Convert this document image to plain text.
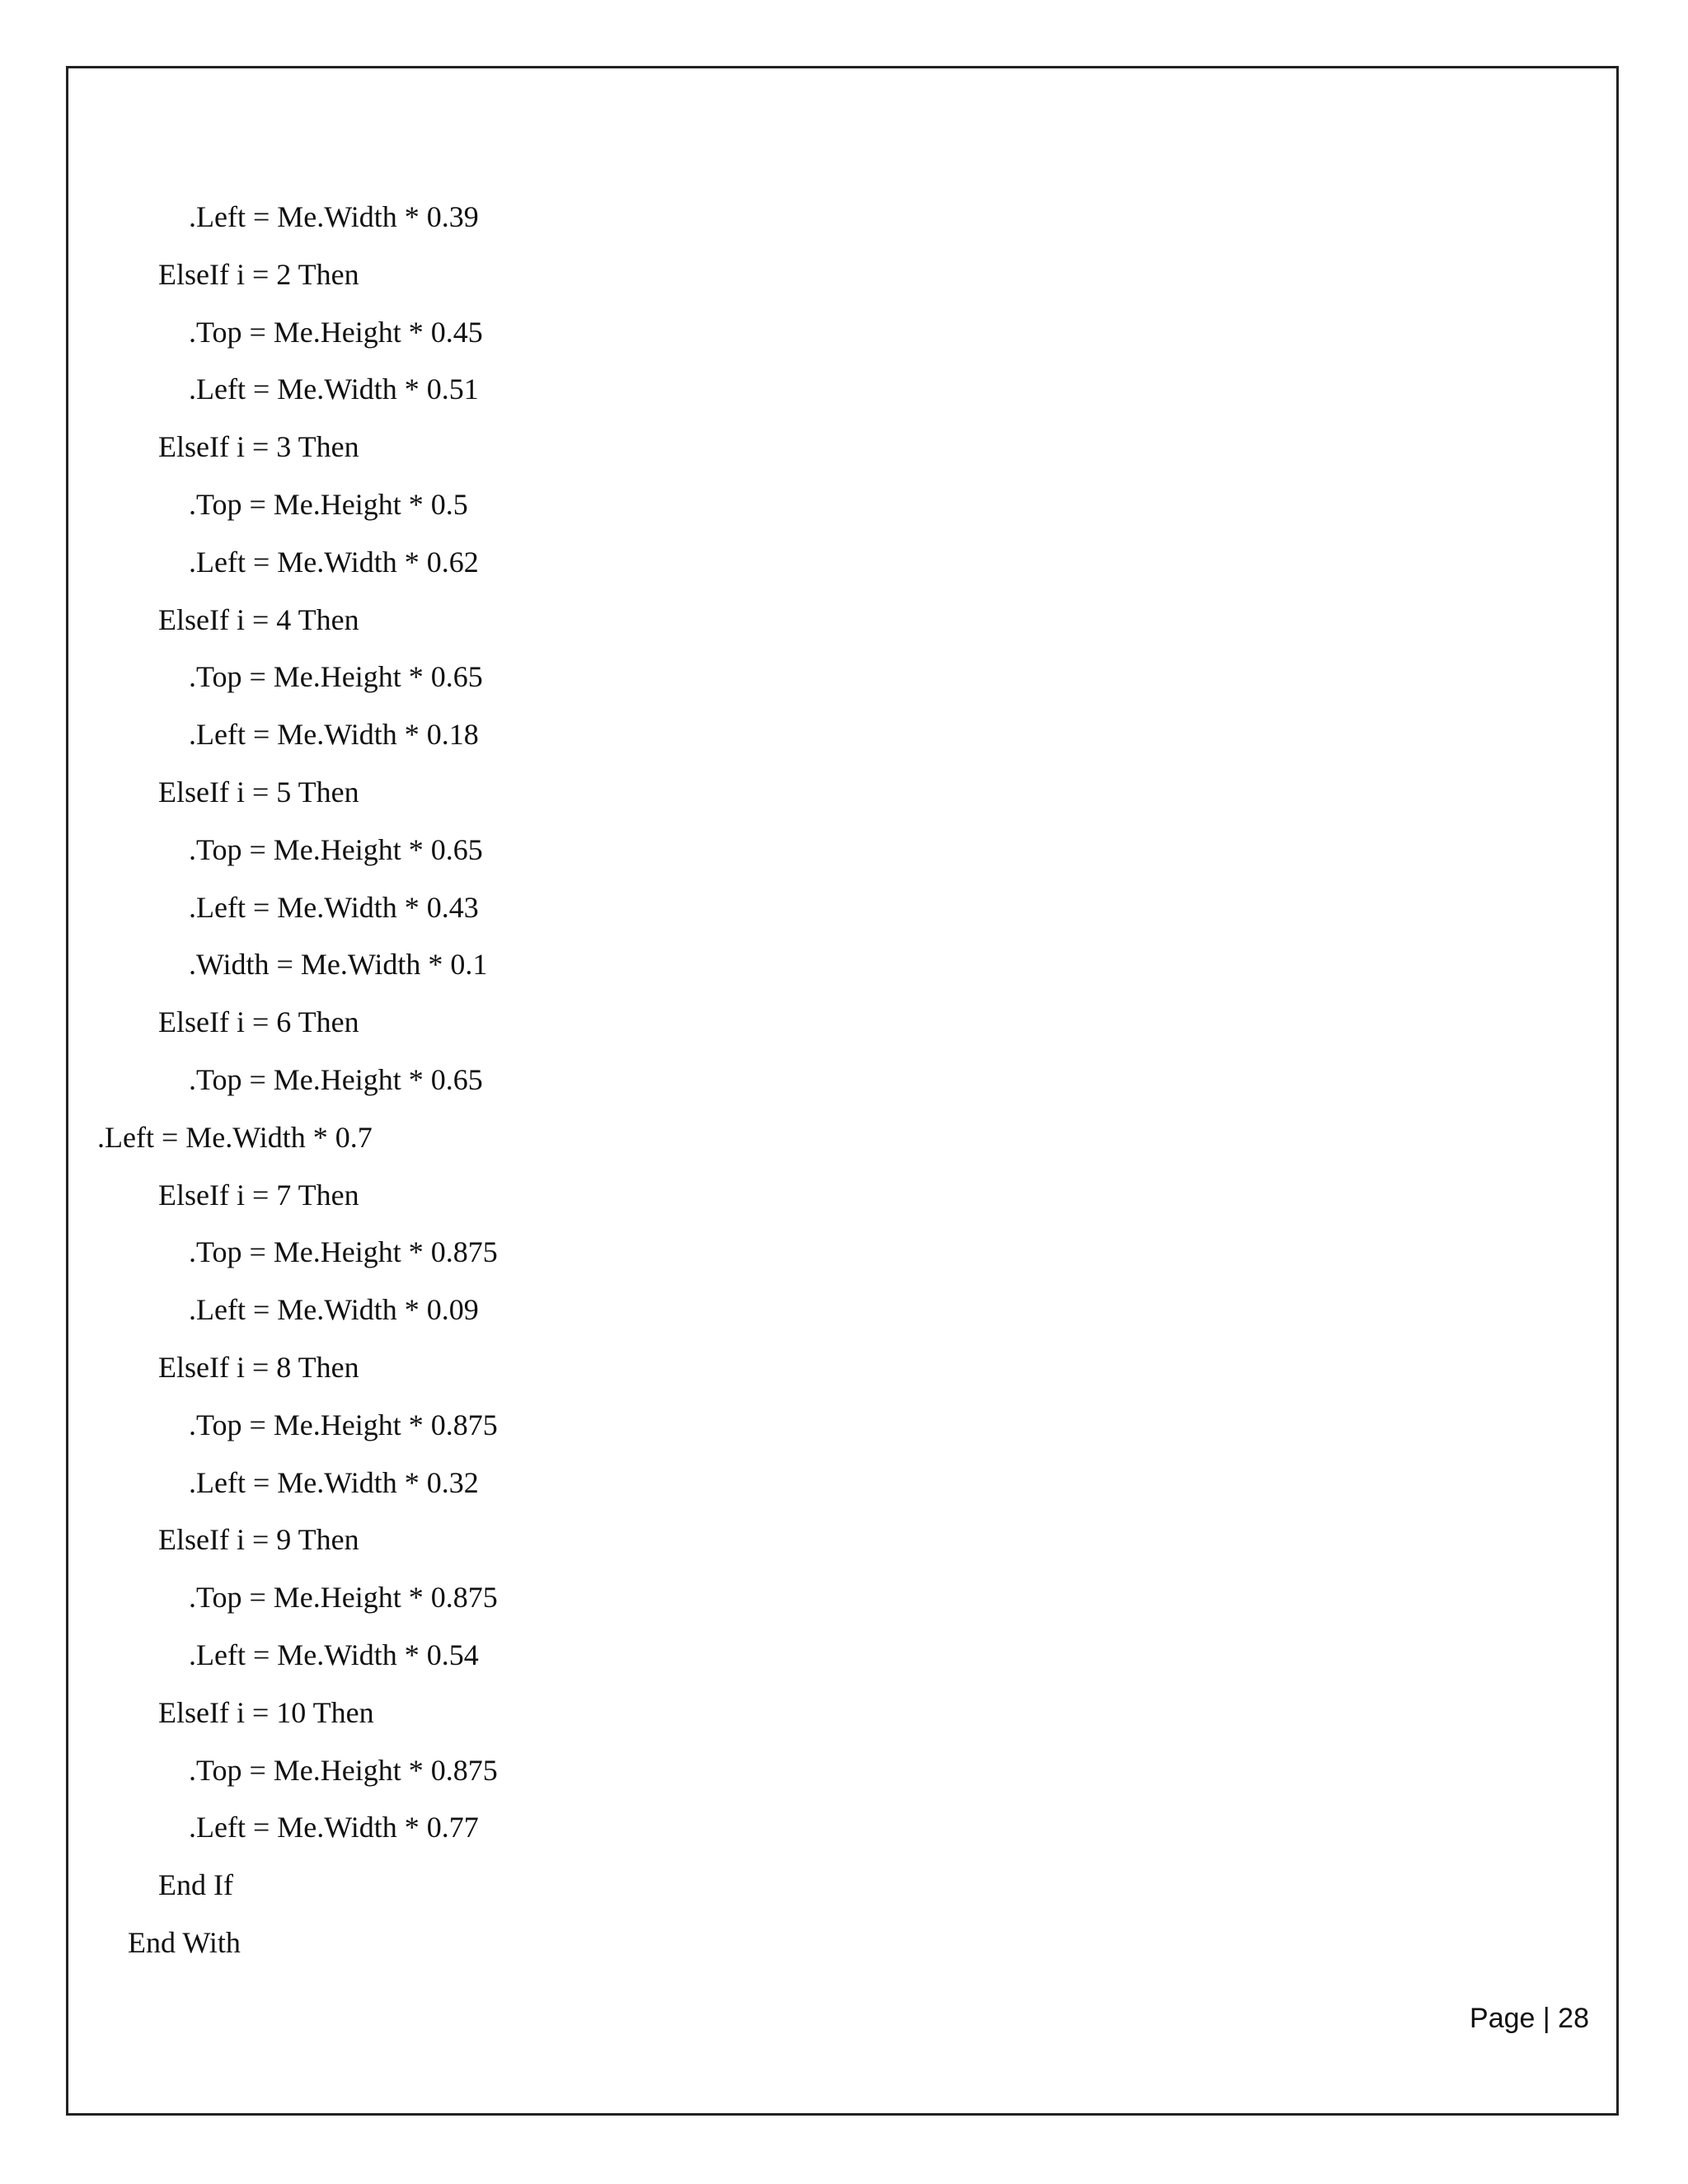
.Left = Me.Width * 0.39
ElseIf i = 2 Then
.Top = Me.Height * 0.45
.Left = Me.Width * 0.51
ElseIf i = 3 Then
.Top = Me.Height * 0.5
.Left = Me.Width * 0.62
ElseIf i = 4 Then
.Top = Me.Height * 0.65
.Left = Me.Width * 0.18
ElseIf i = 5 Then
.Top = Me.Height * 0.65
.Left = Me.Width * 0.43
.Width = Me.Width * 0.1
ElseIf i = 6 Then
.Top = Me.Height * 0.65
.Left = Me.Width * 0.7
ElseIf i = 7 Then
.Top = Me.Height * 0.875
.Left = Me.Width * 0.09
ElseIf i = 8 Then
.Top = Me.Height * 0.875
.Left = Me.Width * 0.32
ElseIf i = 9 Then
.Top = Me.Height * 0.875
.Left = Me.Width * 0.54
ElseIf i = 10 Then
.Top = Me.Height * 0.875
.Left = Me.Width * 0.77
End If
End With
Page | 28
